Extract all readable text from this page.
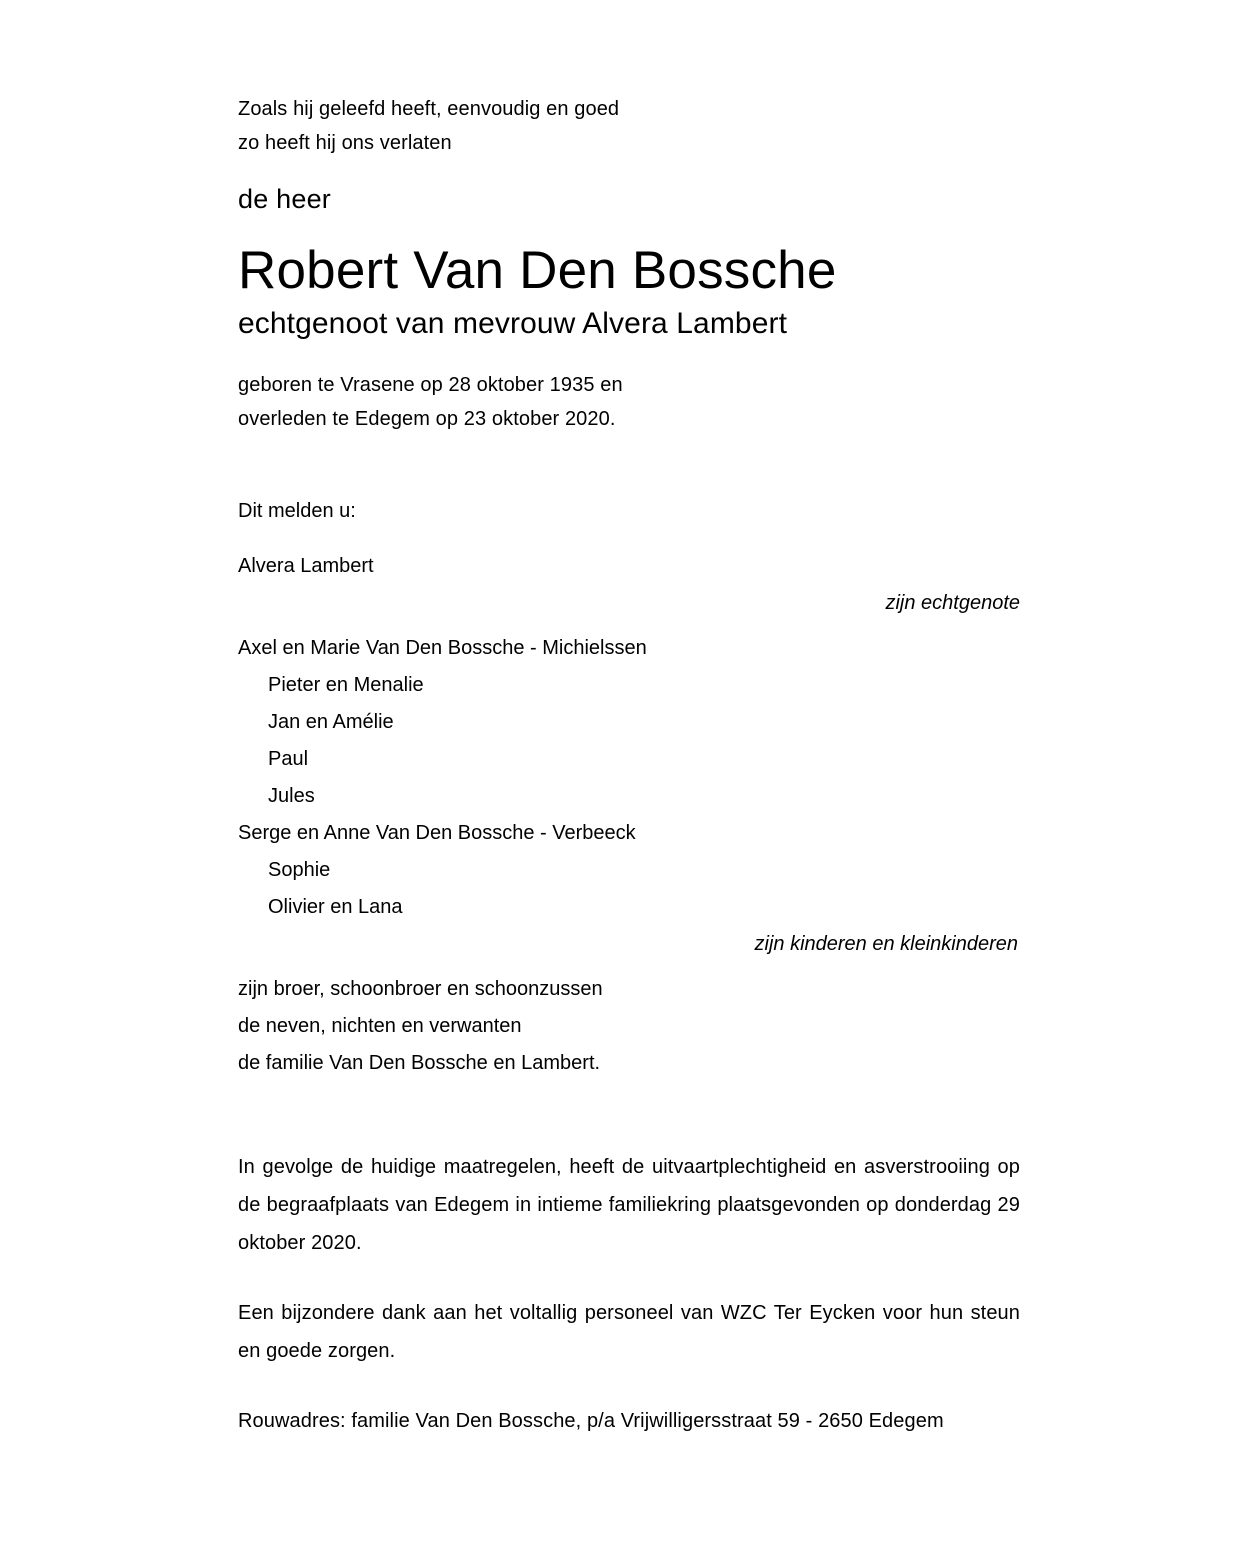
Zoals hij geleefd heeft, eenvoudig en goed
zo heeft hij ons verlaten
de heer
Robert Van Den Bossche
echtgenoot van mevrouw Alvera Lambert
geboren te Vrasene op 28 oktober 1935 en
overleden te Edegem op 23 oktober 2020.
Dit melden u:
Alvera Lambert
zijn echtgenote
Axel en Marie Van Den Bossche - Michielssen
Pieter en Menalie
Jan en Amélie
Paul
Jules
Serge en Anne Van Den Bossche - Verbeeck
Sophie
Olivier en Lana
zijn kinderen en kleinkinderen
zijn broer, schoonbroer en schoonzussen
de neven, nichten en verwanten
de familie Van Den Bossche en Lambert.
In gevolge de huidige maatregelen, heeft de uitvaartplechtigheid en asverstrooiing op de begraafplaats van Edegem in intieme familiekring plaatsgevonden op donderdag 29 oktober 2020.
Een bijzondere dank aan het voltallig personeel van WZC Ter Eycken voor hun steun en goede zorgen.
Rouwadres: familie Van Den Bossche, p/a Vrijwilligersstraat 59 - 2650 Edegem
